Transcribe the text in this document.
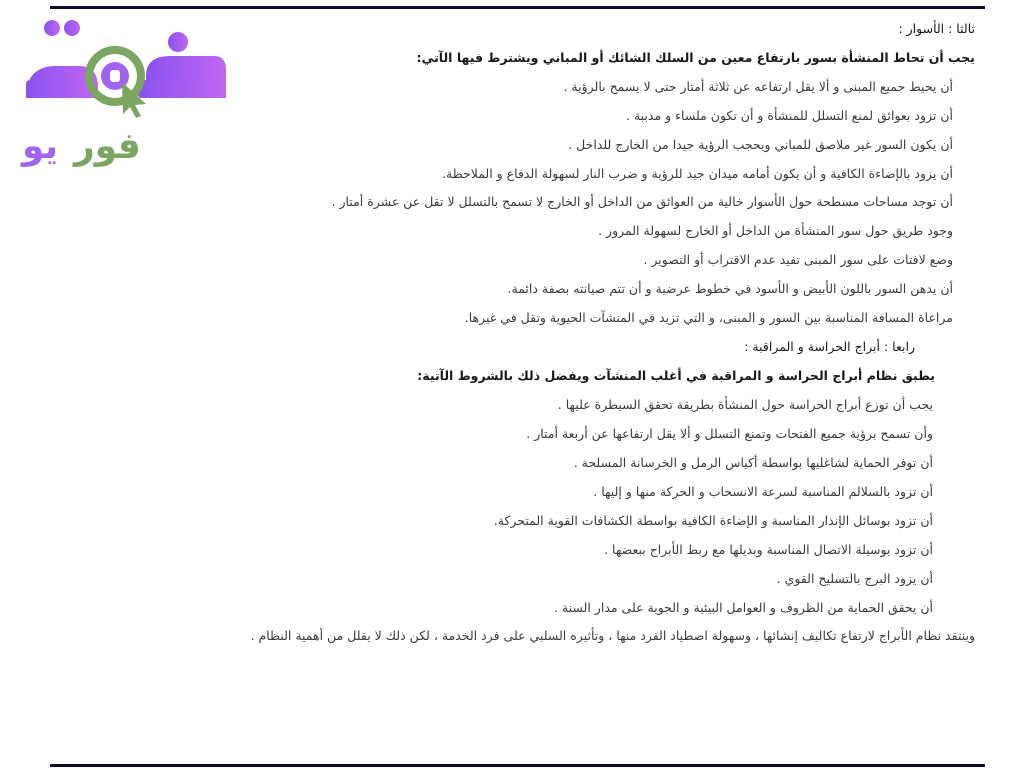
يو فور
ثالثا : الأسوار :
يجب أن تحاط المنشأة بسور بارتفاع معين من السلك الشائك أو المباني ويشترط فيها الآتي:
أن يحيط جميع المبنى و ألا يقل ارتفاعه عن ثلاثة أمتار حتى لا يسمح بالرؤية .
أن تزود بعوائق لمنع التسلل للمنشأة و أن تكون ملساء و مدببة .
أن يكون السور غير ملاصق للمباني ويحجب الرؤية جيدا من الخارج للداخل .
أن يزود بالإضاءة الكافية و أن يكون أمامه ميدان جيد للرؤية و ضرب النار لسهولة الدفاع و الملاحظة.
أن توجد مساحات مسطحة حول الأسوار خالية من العوائق من الداخل أو الخارج لا تسمح بالتسلل لا تقل عن عشرة أمتار .
وجود طريق حول سور المنشأة من الداخل أو الخارج لسهولة المرور .
وضع لافتات على سور المبنى تفيد عدم الاقتراب أو التصوير .
أن يدهن السور باللون الأبيض و الأسود في خطوط عرضية و أن تتم صيانته بصفة دائمة.
مراعاة المسافة المناسبة بين السور و المبنى، و التي تزيد في المنشآت الحيوية وتقل في غيرها.
رابعا : أبراج الحراسة و المراقبة :
يطبق نظام أبراج الحراسة و المراقبة في أغلب المنشآت ويفضل ذلك بالشروط الآتية:
يجب أن توزع أبراج الحراسة حول المنشأة بطريقة تحقق السيطرة عليها .
وأن تسمح برؤية جميع الفتحات وتمنع التسلل و ألا يقل ارتفاعها عن أربعة أمتار .
أن توفر الحماية لشاغليها بواسطة أكياس الرمل و الخرسانة المسلحة .
أن تزود بالسلالم المناسبة لسرعة الانسحاب و الحركة منها و إليها .
أن تزود بوسائل الإنذار المناسبة و الإضاءة الكافية بواسطة الكشافات القوية المتحركة.
أن تزود بوسيلة الاتصال المناسبة وبديلها مع ربط الأبراج ببعضها .
أن يزود البرج بالتسليح القوي .
أن يحقق الحماية من الظروف و العوامل البيئية و الجوية على مدار السنة .
وينتقد نظام الأبراج لارتفاع تكاليف إنشائها ، وسهولة اصطياد الفرد منها ، وتأثيره السلبي على فرد الخدمة ، لكن ذلك لا يقلل من أهمية النظام .
